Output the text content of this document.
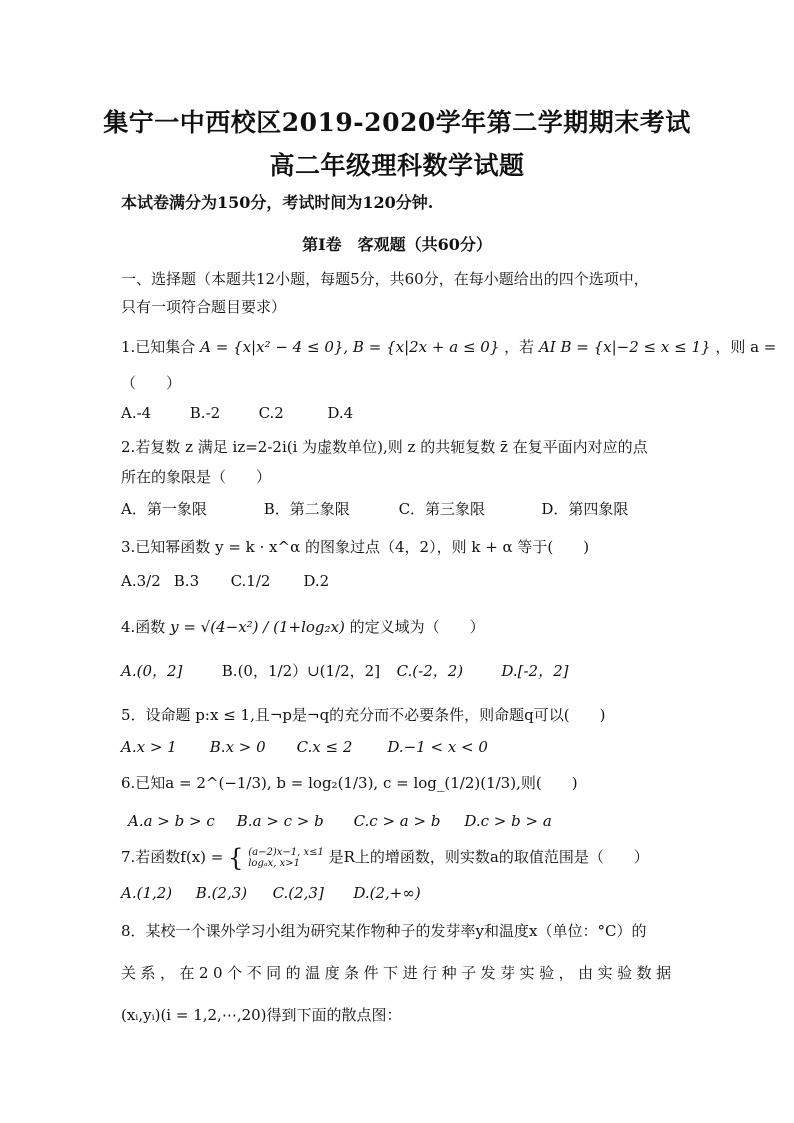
集宁一中西校区2019-2020学年第二学期期末考试
高二年级理科数学试题
本试卷满分为150分，考试时间为120分钟.
第Ⅰ卷　客观题（共60分）
一、选择题（本题共12小题，每题5分，共60分，在每小题给出的四个选项中，
只有一项符合题目要求）
1.已知集合 A = {x|x² − 4 ≤ 0}, B = {x|2x + a ≤ 0} ，若 AI B = {x|−2 ≤ x ≤ 1} ，则 a =
（　　）
A.-4	B.-2	C.2	D.4
2.若复数 z 满足 iz=2-2i(i 为虚数单位),则 z 的共轭复数 z̄ 在复平面内对应的点
所在的象限是（　　）
A．第一象限	B．第二象限	C．第三象限	D．第四象限
3.已知幂函数 y = k · x^α 的图象过点（4，2），则 k + α 等于(　　)
A.3/2 B.3 C.1/2 D.2
4.函数 y = √(4−x²) / (1+log₂x) 的定义域为（　　）
A.(0，2]	B.(0，1/2）∪(1/2，2] C.(-2，2)	D.[-2，2]
5．设命题 p:x ≤ 1,且¬p是¬q的充分而不必要条件，则命题q可以(　　)
A.x > 1 B.x > 0 C.x ≤ 2 D.−1 < x < 0
6.已知a = 2^(−1/3), b = log₂(1/3), c = log_(1/2)(1/3),则(　　)
A.a > b > c B.a > c > b C.c > a > b D.c > b > a
7.若函数f(x) = { (a−2)x−1, x≤1
logₐx, x>1	是R上的增函数，则实数a的取值范围是（　　）
A.(1,2) B.(2,3) C.(2,3] D.(2,+∞)
8．某校一个课外学习小组为研究某作物种子的发芽率y和温度x（单位：°C）的
关系，在20个不同的温度条件下进行种子发芽实验，由实验数据
(xᵢ,yᵢ)(i = 1,2,⋯,20)得到下面的散点图：
